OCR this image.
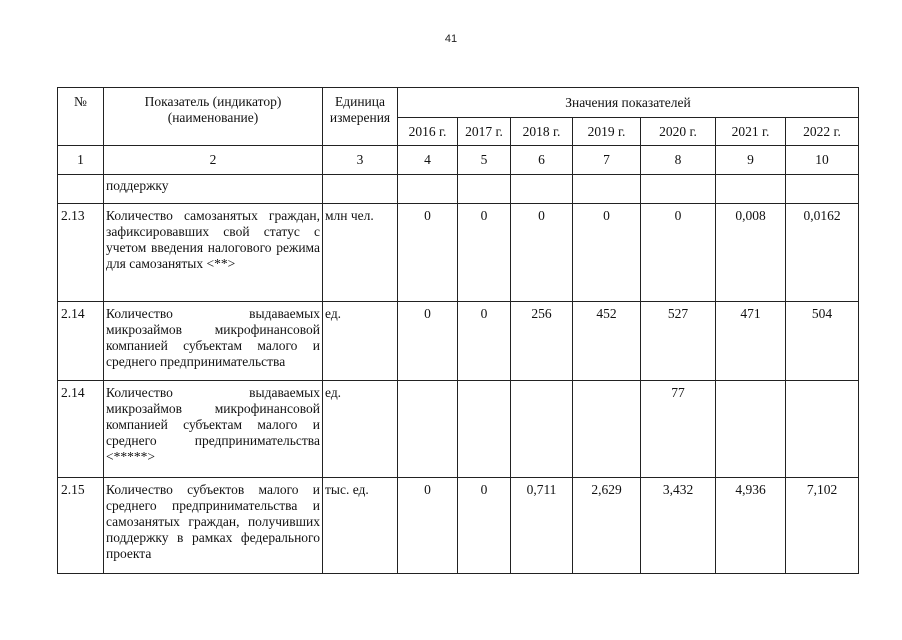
41
№	Показатель (индикатор) (наименование)	Единица измерения	Значения показателей						
			2016 г.	2017 г.	2018 г.	2019 г.	2020 г.	2021 г.	2022 г.
1	2	3	4	5	6	7	8	9	10
	поддержку								
2.13	Количество самозанятых граждан, зафиксировавших свой статус с учетом введения налогового режима для самозанятых <**>	млн чел.	0	0	0	0	0	0,008	0,0162
2.14	Количество выдаваемых микрозаймов микрофинансовой компанией субъектам малого и среднего предпринимательства	ед.	0	0	256	452	527	471	504
2.14	Количество выдаваемых микрозаймов микрофинансовой компанией субъектам малого и среднего предпринимательства <*****>	ед.					77		
2.15	Количество субъектов малого и среднего предпринимательства и самозанятых граждан, получивших поддержку в рамках федерального проекта	тыс. ед.	0	0	0,711	2,629	3,432	4,936	7,102
